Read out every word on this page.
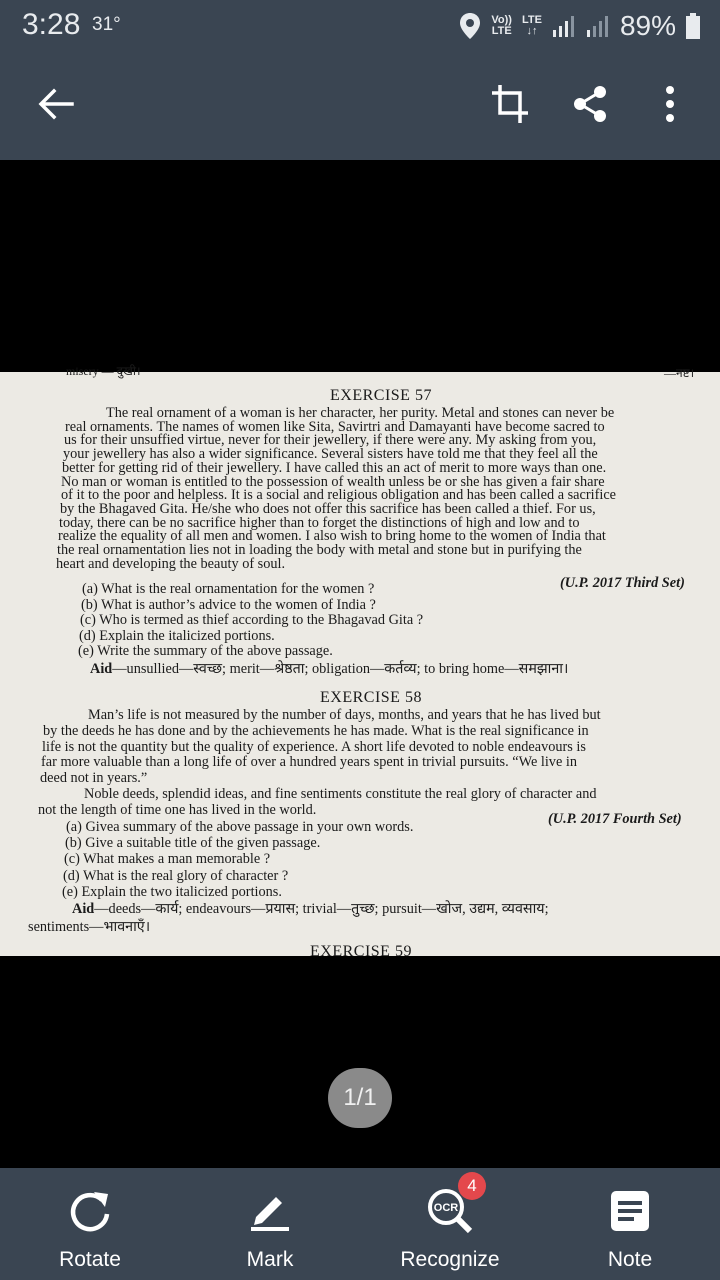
3:28 31°	Vo))
LTE
LTE
↓↑	89%
misery — दुखी।	—नष्ट।
EXERCISE 57
The real ornament of a woman is her character, her purity. Metal and stones can never be
real ornaments. The names of women like Sita, Savirtri and Damayanti have become sacred to
us for their unsuffied virtue, never for their jewellery, if there were any. My asking from you,
your jewellery has also a wider significance. Several sisters have told me that they feel all the
better for getting rid of their jewellery. I have called this an act of merit to more ways than one.
No man or woman is entitled to the possession of wealth unless be or she has given a fair share
of it to the poor and helpless. It is a social and religious obligation and has been called a sacrifice
by the Bhagaved Gita. He/she who does not offer this sacrifice has been called a thief. For us,
today, there can be no sacrifice higher than to forget the distinctions of high and low and to
realize the equality of all men and women. I also wish to bring home to the women of India that
the real ornamentation lies not in loading the body with metal and stone but in purifying the
heart and developing the beauty of soul.
(U.P. 2017 Third Set)
(a) What is the real ornamentation for the women ?
(b) What is author’s advice to the women of India ?
(c) Who is termed as thief according to the Bhagavad Gita ?
(d) Explain the italicized portions.
(e) Write the summary of the above passage.
Aid—unsullied—स्वच्छ; merit—श्रेष्ठता; obligation—कर्तव्य; to bring home—समझाना।
EXERCISE 58
Man’s life is not measured by the number of days, months, and years that he has lived but
by the deeds he has done and by the achievements he has made. What is the real significance in
life is not the quantity but the quality of experience. A short life devoted to noble endeavours is
far more valuable than a long life of over a hundred years spent in trivial pursuits. “We live in
deed not in years.”
Noble deeds, splendid ideas, and fine sentiments constitute the real glory of character and
not the length of time one has lived in the world.
(U.P. 2017 Fourth Set)
(a) Givea summary of the above passage in your own words.
(b) Give a suitable title of the given passage.
(c) What makes a man memorable ?
(d) What is the real glory of character ?
(e) Explain the two italicized portions.
Aid—deeds—कार्य; endeavours—प्रयास; trivial—तुच्छ; pursuit—खोज, उद्यम, व्यवसाय;
sentiments—भावनाएँ।
EXERCISE 59
1/1
Rotate	Mark
OCR
Recognize	Note
4
